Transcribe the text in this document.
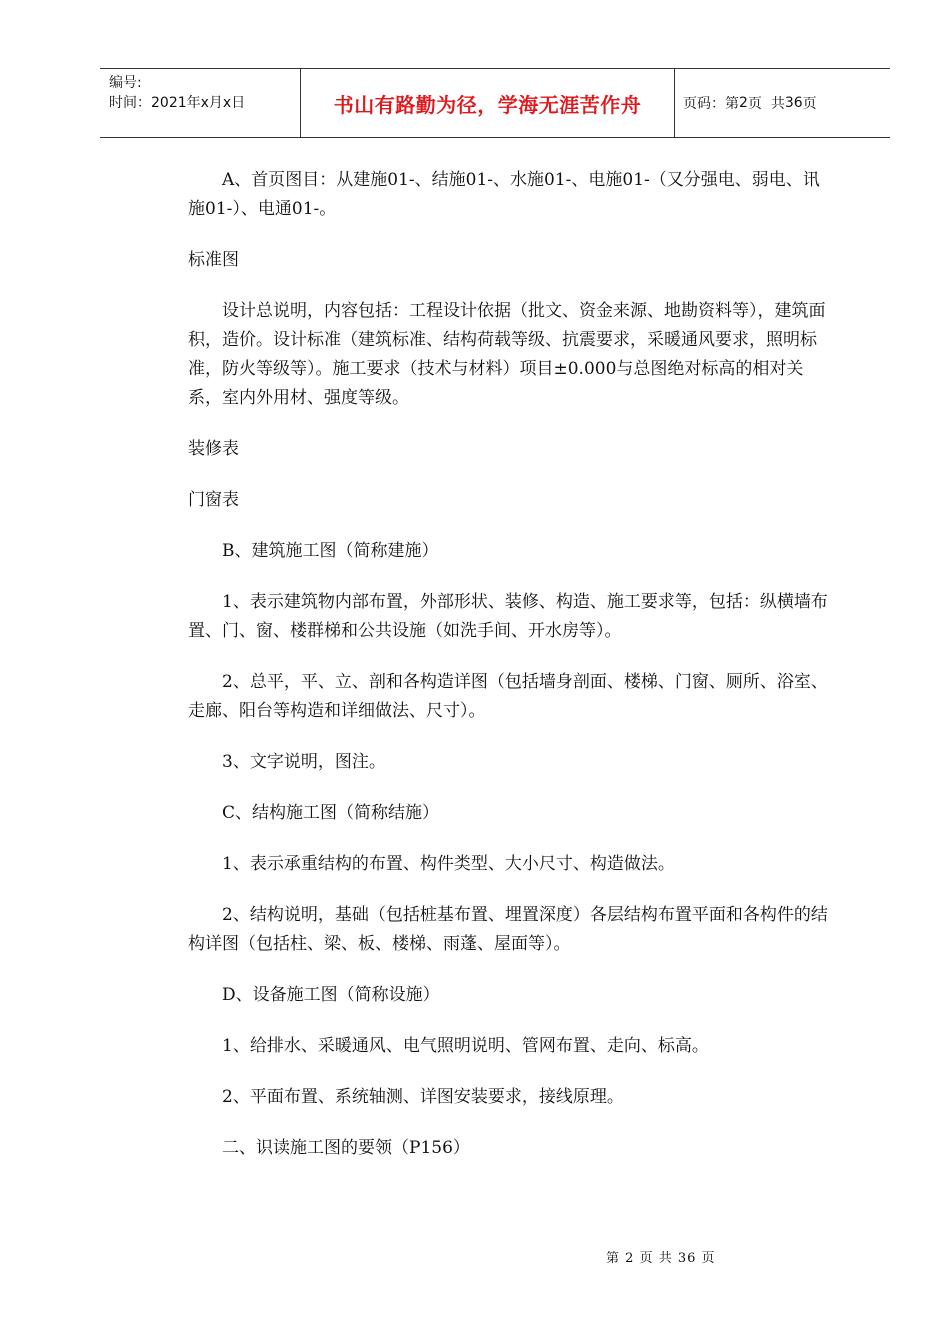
编号:
时间：2021年x月x日	书山有路勤为径，学海无涯苦作舟	页码：第 2 页  共 36 页

A、首页图目：从建施01-、结施01-、水施01-、电施01-（又分强电、弱电、讯施01-）、电通01-。

标准图

设计总说明，内容包括：工程设计依据（批文、资金来源、地勘资料等），建筑面积，造价。设计标准（建筑标准、结构荷载等级、抗震要求，采暖通风要求，照明标准，防火等级等）。施工要求（技术与材料）项目±0.000与总图绝对标高的相对关系，室内外用材、强度等级。

装修表

门窗表

B、建筑施工图（简称建施）

1、表示建筑物内部布置，外部形状、装修、构造、施工要求等，包括：纵横墙布置、门、窗、楼群梯和公共设施（如洗手间、开水房等）。

2、总平，平、立、剖和各构造详图（包括墙身剖面、楼梯、门窗、厕所、浴室、走廊、阳台等构造和详细做法、尺寸）。

3、文字说明，图注。

C、结构施工图（简称结施）

1、表示承重结构的布置、构件类型、大小尺寸、构造做法。

2、结构说明，基础（包括桩基布置、埋置深度）各层结构布置平面和各构件的结构详图（包括柱、梁、板、楼梯、雨蓬、屋面等）。

D、设备施工图（简称设施）

1、给排水、采暖通风、电气照明说明、管网布置、走向、标高。

2、平面布置、系统轴测、详图安装要求，接线原理。

二、识读施工图的要领（P156）

第 2 页 共 36 页
